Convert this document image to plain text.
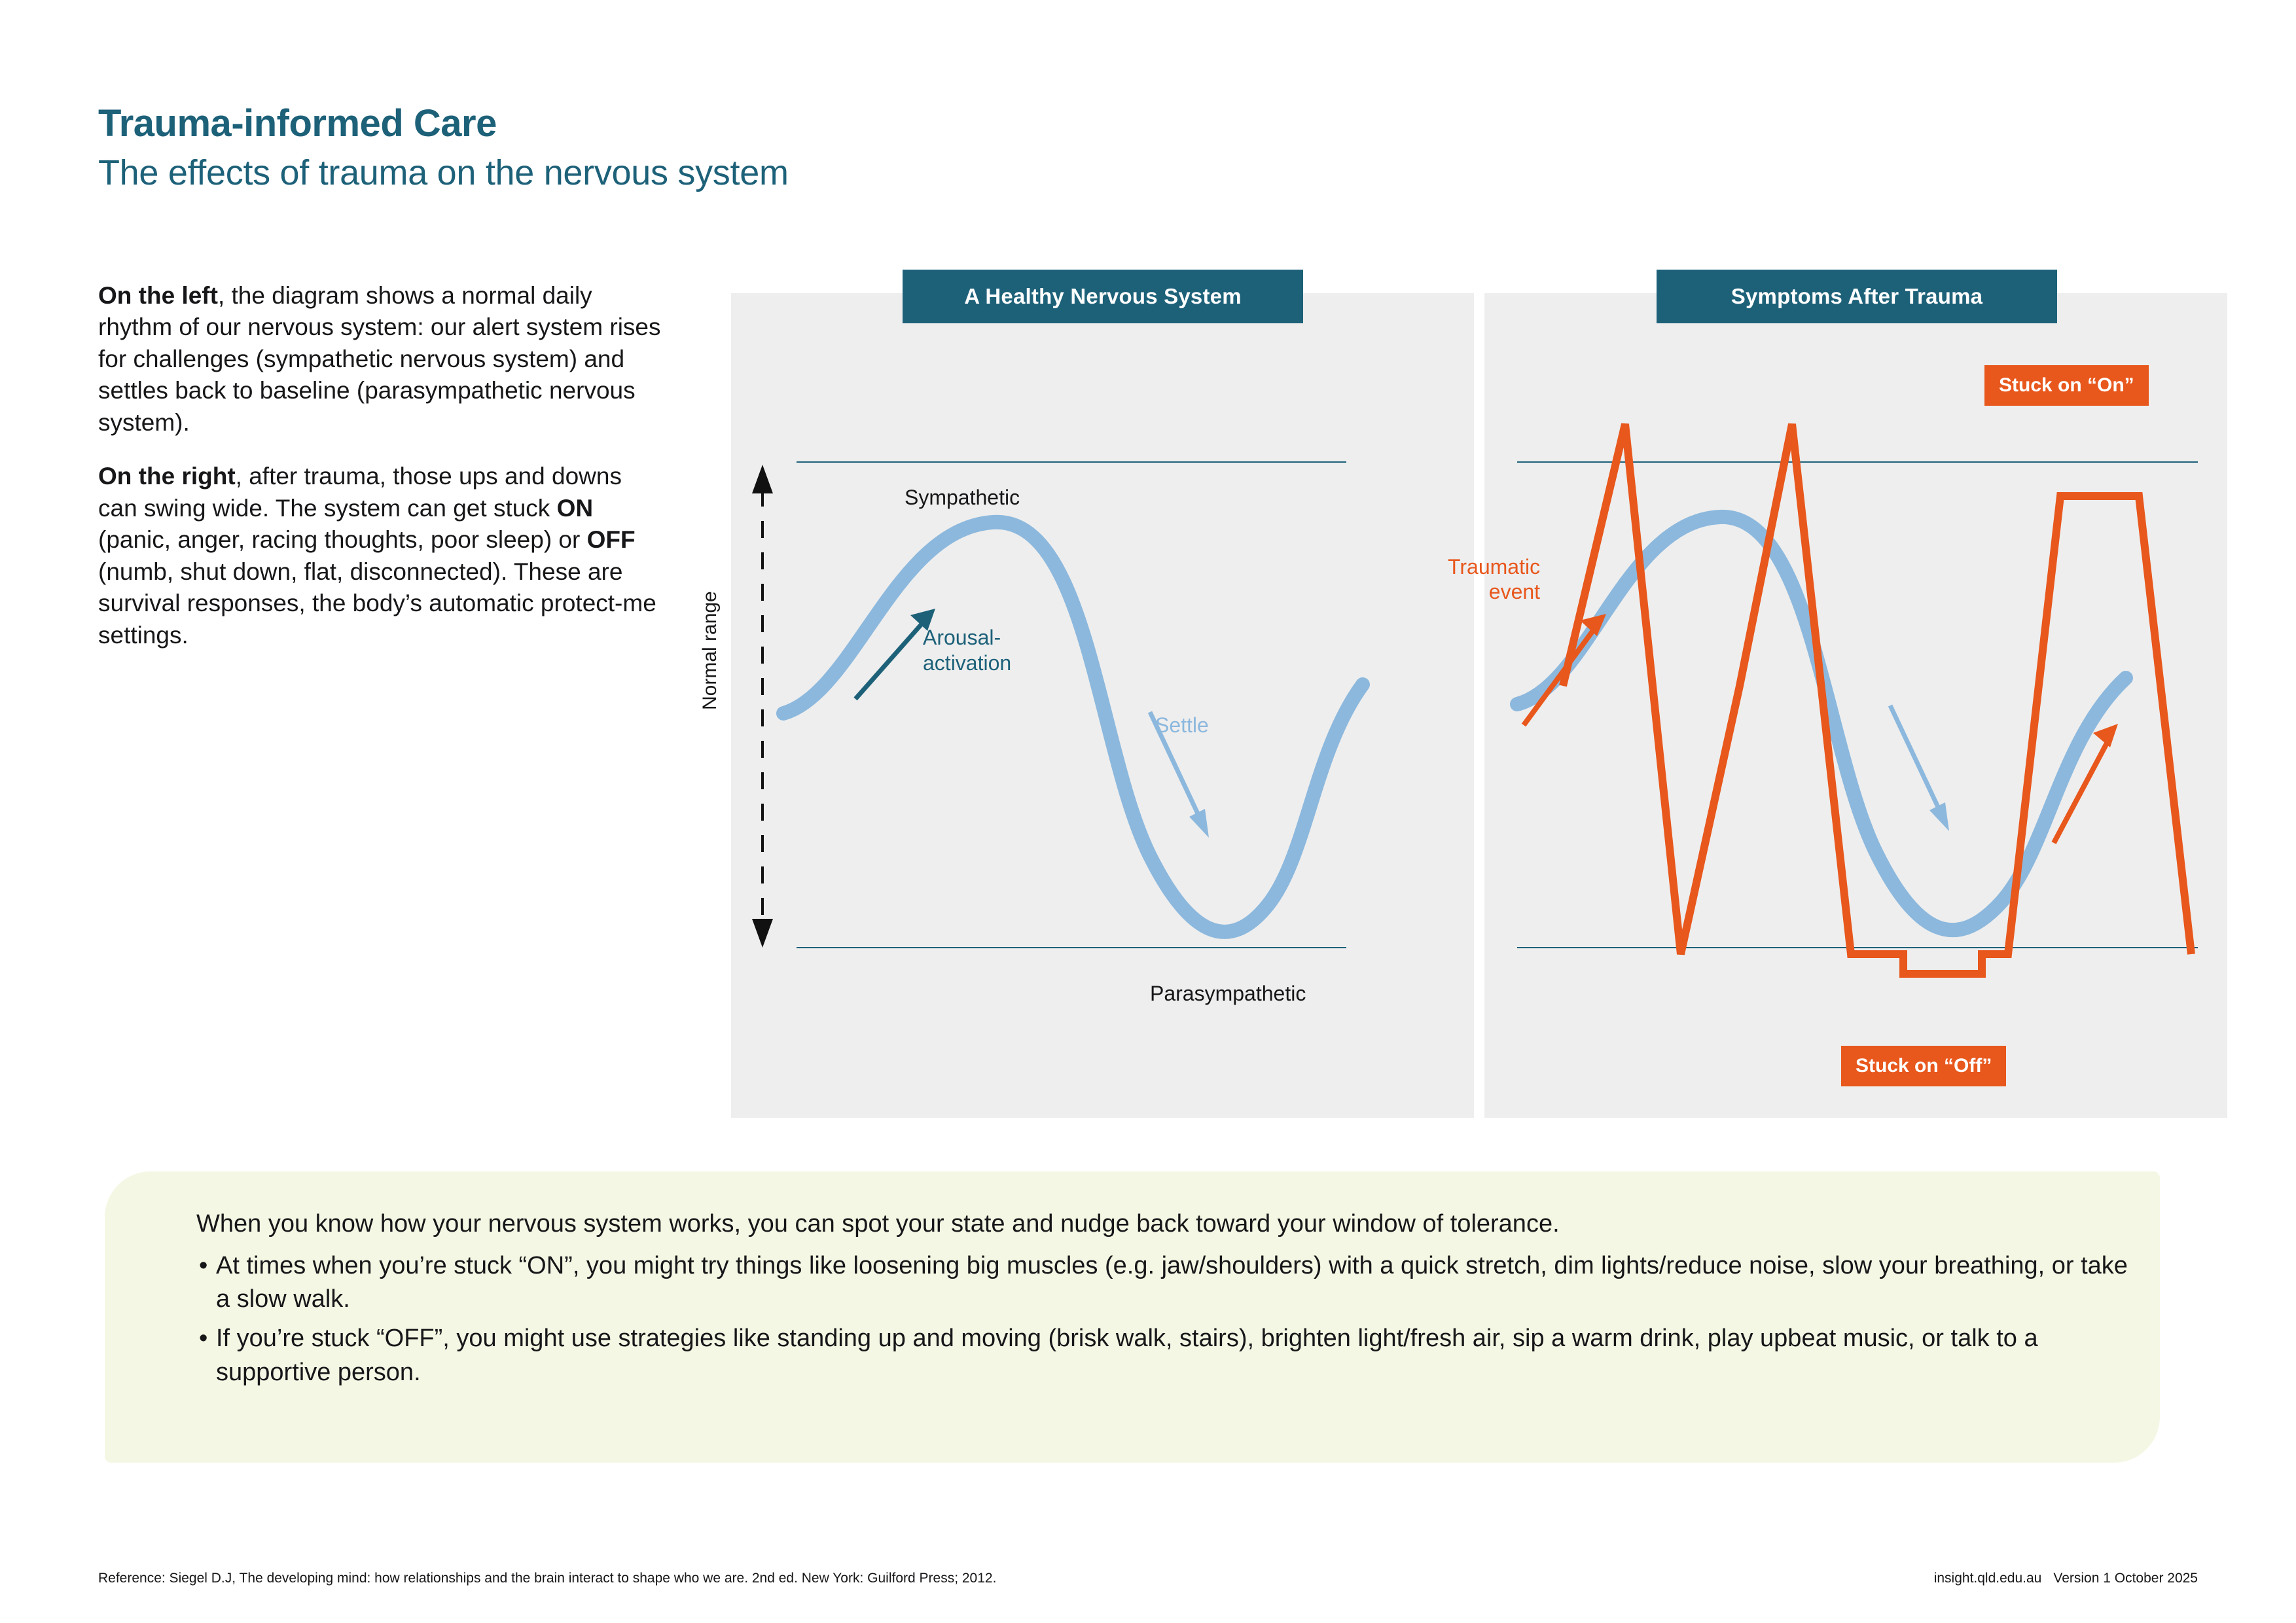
Trauma-informed Care
The effects of trauma on the nervous system

On the left, the diagram shows a normal daily rhythm of our nervous system: our alert system rises for challenges (sympathetic nervous system) and settles back to baseline (parasympathetic nervous system).

On the right, after trauma, those ups and downs can swing wide. The system can get stuck ON (panic, anger, racing thoughts, poor sleep) or OFF (numb, shut down, flat, disconnected). These are survival responses, the body’s automatic protect-me settings.

A Healthy Nervous System
Sympathetic
Parasympathetic
Arousal-
activation
Settle
Normal range
Symptoms After Trauma
Traumatic
event
Stuck on “On”
Stuck on “Off”

When you know how your nervous system works, you can spot your state and nudge back toward your window of tolerance.

• At times when you’re stuck “ON”, you might try things like loosening big muscles (e.g. jaw/shoulders) with a quick stretch, dim lights/reduce noise, slow your breathing, or take a slow walk.
• If you’re stuck “OFF”, you might use strategies like standing up and moving (brisk walk, stairs), brighten light/fresh air, sip a warm drink, play upbeat music, or talk to a supportive person.
Reference: Siegel D.J, The developing mind: how relationships and the brain interact to shape who we are. 2nd ed. New York: Guilford Press; 2012.	insight.qld.edu.au Version 1 October 2025
